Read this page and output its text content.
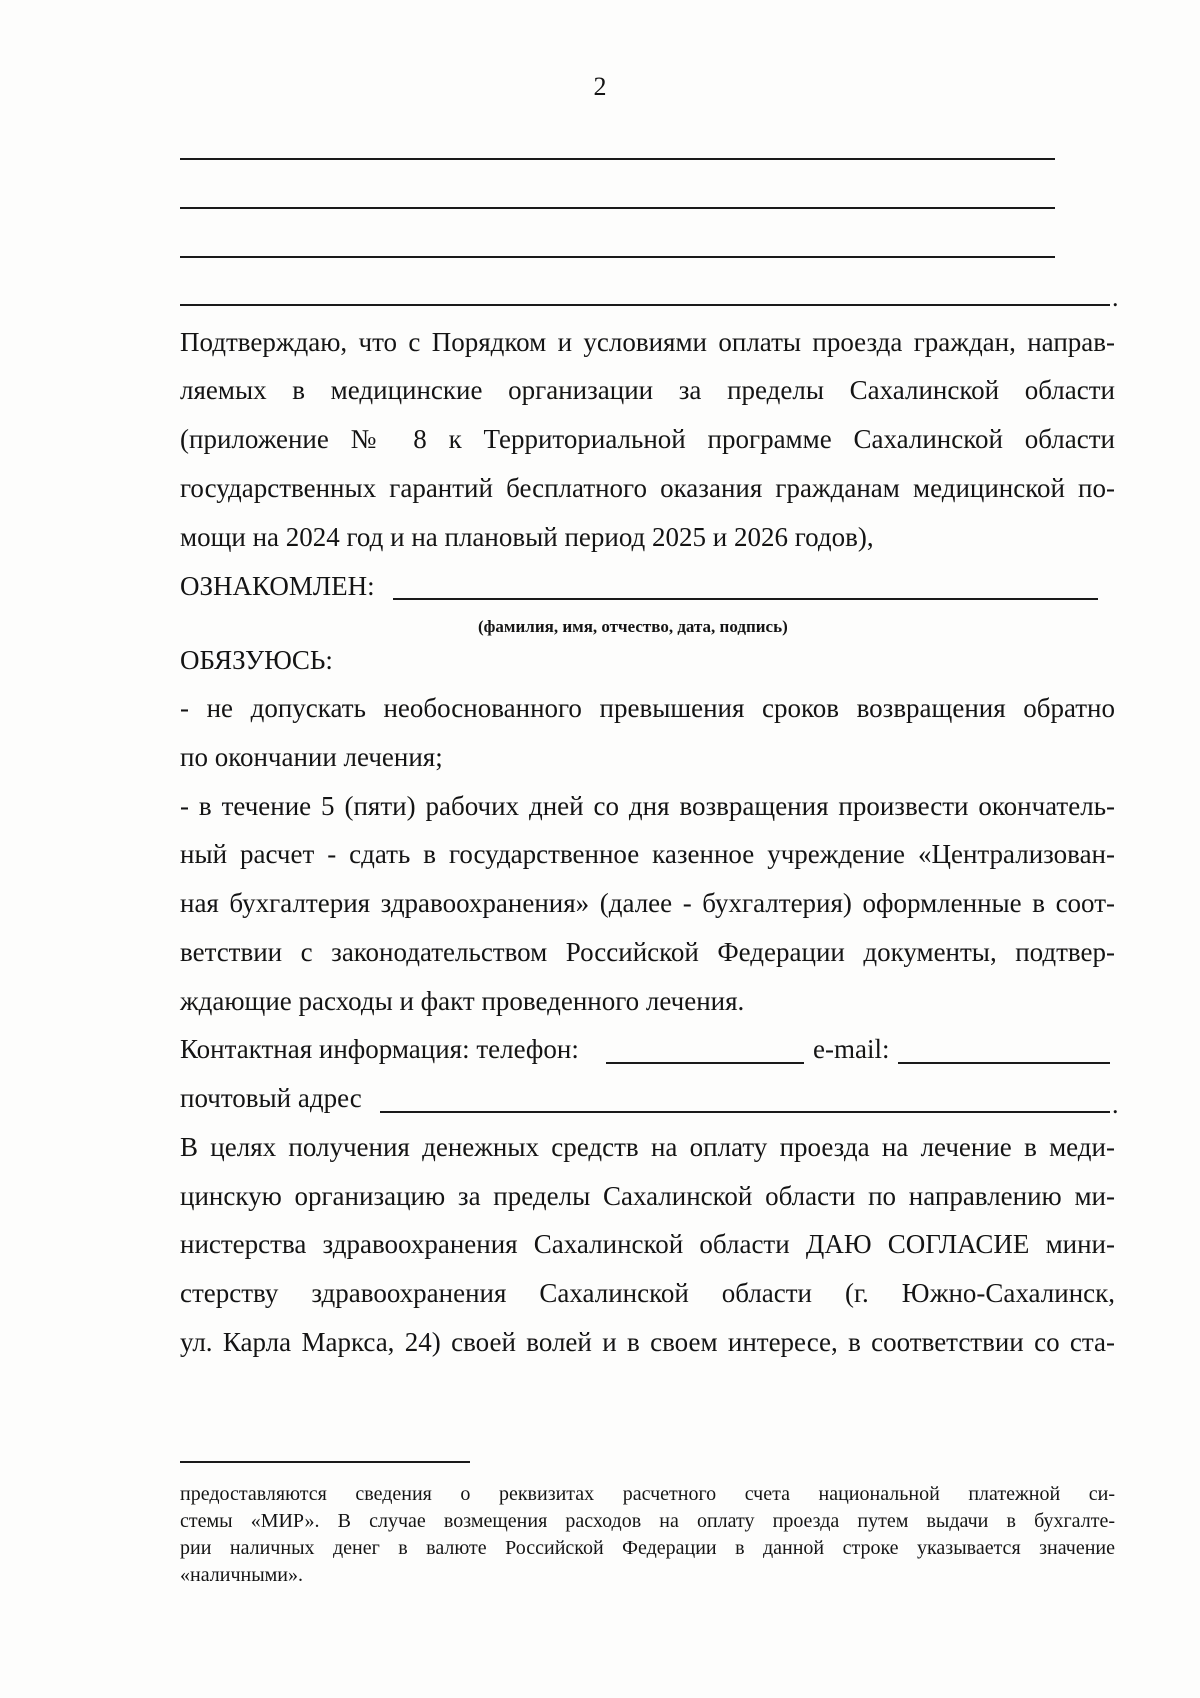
2
.
Подтверждаю, что с Порядком и условиями оплаты проезда граждан, направ-
ляемых в медицинские организации за пределы Сахалинской области
(приложение № 8 к Территориальной программе Сахалинской области
государственных гарантий бесплатного оказания гражданам медицинской по-
мощи на 2024 год и на плановый период 2025 и 2026 годов),
ОЗНАКОМЛЕН:
(фамилия, имя, отчество, дата, подпись)
ОБЯЗУЮСЬ:
- не допускать необоснованного превышения сроков возвращения обратно
по окончании лечения;
- в течение 5 (пяти) рабочих дней со дня возвращения произвести окончатель-
ный расчет - сдать в государственное казенное учреждение «Централизован-
ная бухгалтерия здравоохранения» (далее - бухгалтерия) оформленные в соот-
ветствии с законодательством Российской Федерации документы, подтвер-
ждающие расходы и факт проведенного лечения.
Контактная информация: телефон:	e-mail:
почтовый адрес	.
В целях получения денежных средств на оплату проезда на лечение в меди-
цинскую организацию за пределы Сахалинской области по направлению ми-
нистерства здравоохранения Сахалинской области ДАЮ СОГЛАСИЕ мини-
стерству здравоохранения Сахалинской области (г. Южно-Сахалинск,
ул. Карла Маркса, 24) своей волей и в своем интересе, в соответствии со ста-
предоставляются сведения о реквизитах расчетного счета национальной платежной си-
стемы «МИР». В случае возмещения расходов на оплату проезда путем выдачи в бухгалте-
рии наличных денег в валюте Российской Федерации в данной строке указывается значение
«наличными».
